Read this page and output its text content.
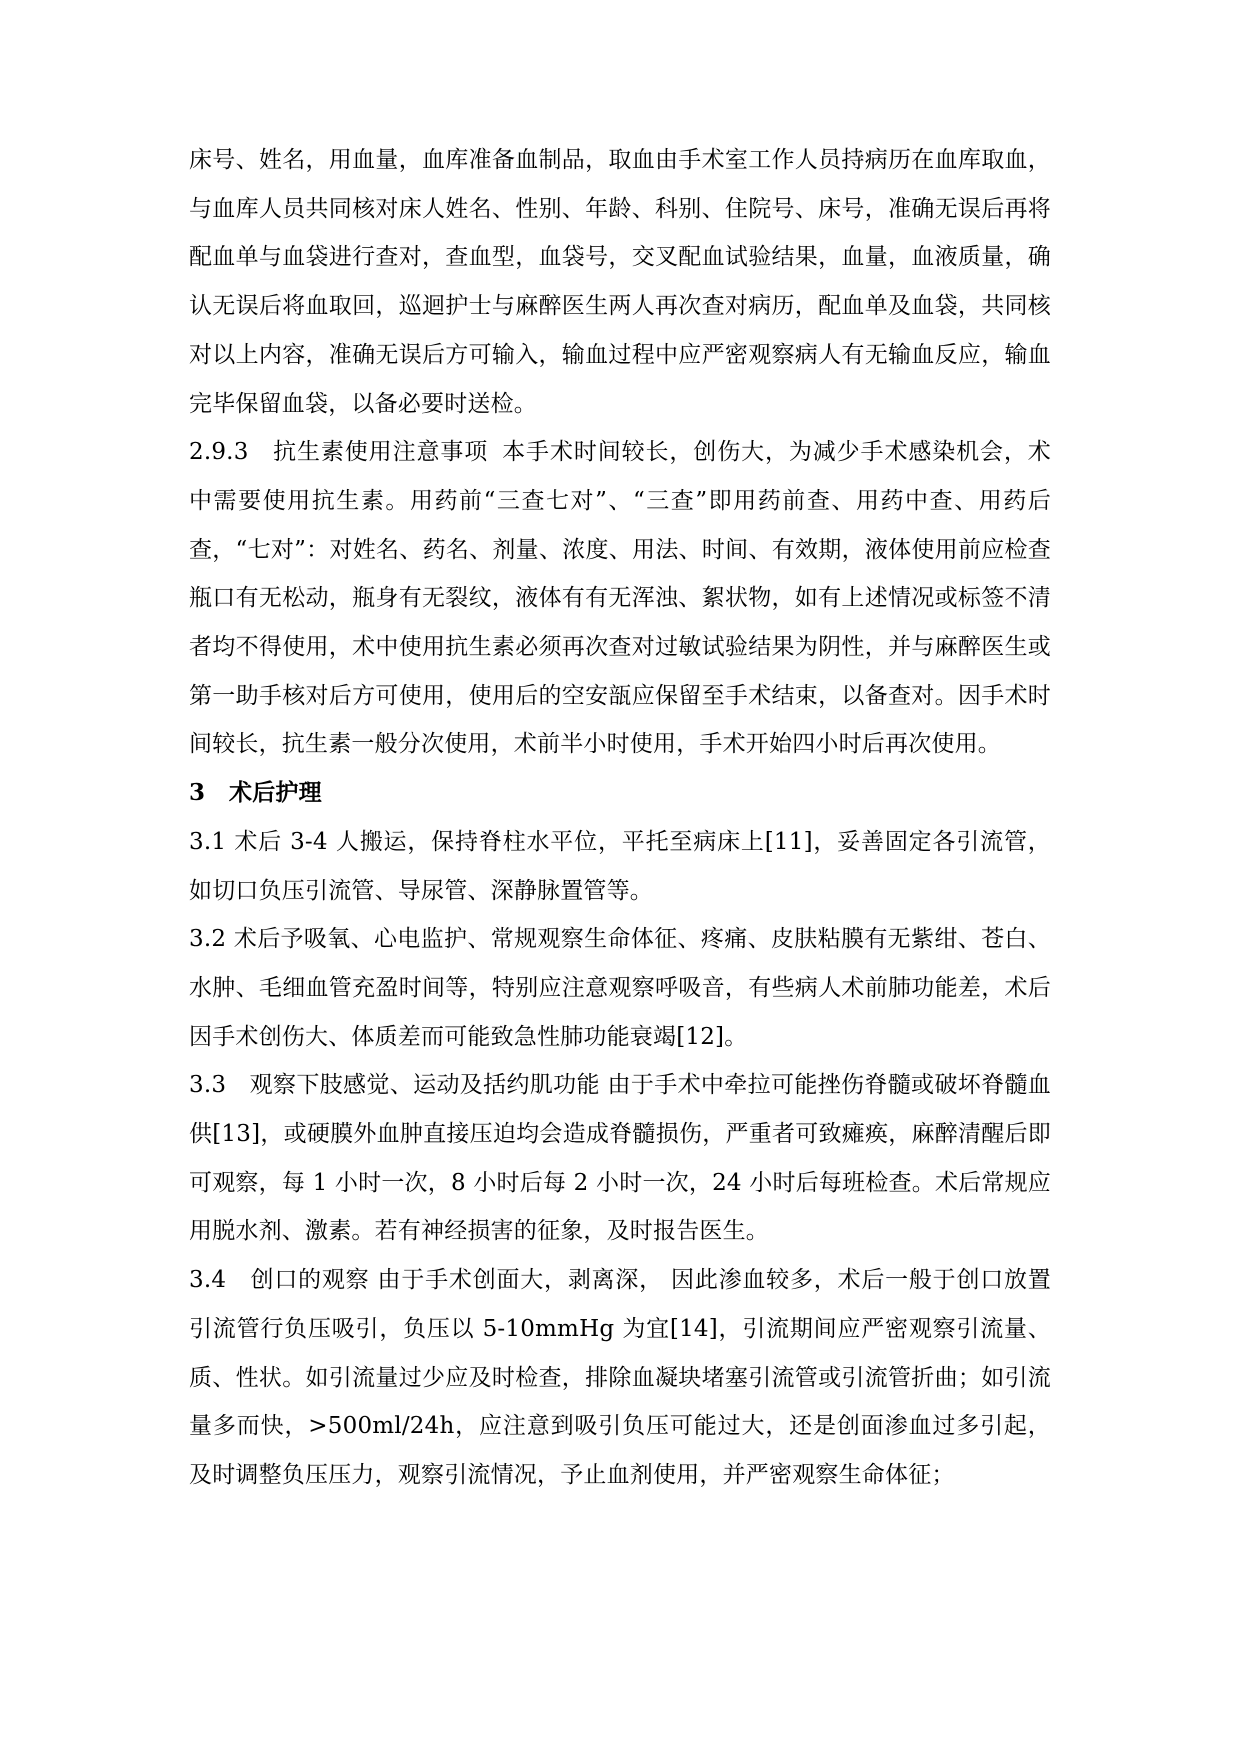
床号、姓名，用血量，血库准备血制品，取血由手术室工作人员持病历在血库取血，与血库人员共同核对床人姓名、性别、年龄、科别、住院号、床号，准确无误后再将配血单与血袋进行查对，查血型，血袋号，交叉配血试验结果，血量，血液质量，确认无误后将血取回，巡迴护士与麻醉医生两人再次查对病历，配血单及血袋，共同核对以上内容，准确无误后方可输入，输血过程中应严密观察病人有无输血反应，输血完毕保留血袋，以备必要时送检。

2.9.3　抗生素使用注意事项 本手术时间较长，创伤大，为减少手术感染机会，术中需要使用抗生素。用药前“三查七对”、“三查”即用药前查、用药中查、用药后查，“七对”：对姓名、药名、剂量、浓度、用法、时间、有效期，液体使用前应检查瓶口有无松动，瓶身有无裂纹，液体有有无浑浊、絮状物，如有上述情况或标签不清者均不得使用，术中使用抗生素必须再次查对过敏试验结果为阴性，并与麻醉医生或第一助手核对后方可使用，使用后的空安瓿应保留至手术结束，以备查对。因手术时间较长，抗生素一般分次使用，术前半小时使用，手术开始四小时后再次使用。

3 术后护理

3.1 术后 3-4 人搬运，保持脊柱水平位，平托至病床上[11]，妥善固定各引流管，如切口负压引流管、导尿管、深静脉置管等。

3.2 术后予吸氧、心电监护、常规观察生命体征、疼痛、皮肤粘膜有无紫绀、苍白、水肿、毛细血管充盈时间等，特别应注意观察呼吸音，有些病人术前肺功能差，术后因手术创伤大、体质差而可能致急性肺功能衰竭[12]。

3.3　观察下肢感觉、运动及括约肌功能 由于手术中牵拉可能挫伤脊髓或破坏脊髓血供[13]，或硬膜外血肿直接压迫均会造成脊髓损伤，严重者可致瘫痪，麻醉清醒后即可观察，每 1 小时一次，8 小时后每 2 小时一次，24 小时后每班检查。术后常规应用脱水剂、激素。若有神经损害的征象，及时报告医生。

3.4　创口的观察 由于手术创面大，剥离深， 因此渗血较多，术后一般于创口放置引流管行负压吸引，负压以 5-10mmHg 为宜[14]，引流期间应严密观察引流量、质、性状。如引流量过少应及时检查，排除血凝块堵塞引流管或引流管折曲；如引流量多而快，>500ml/24h，应注意到吸引负压可能过大，还是创面渗血过多引起，及时调整负压压力，观察引流情况，予止血剂使用，并严密观察生命体征；
